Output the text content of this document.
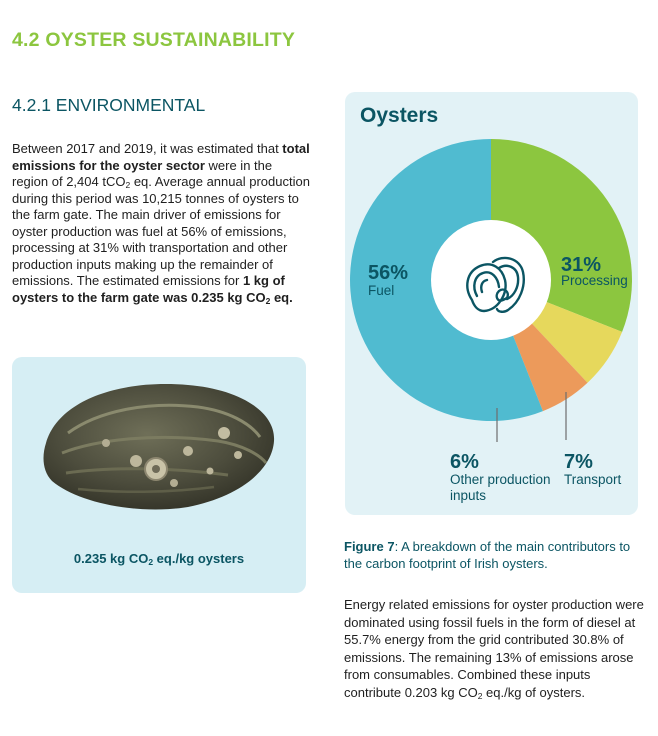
4.2 OYSTER SUSTAINABILITY
4.2.1 ENVIRONMENTAL

Between 2017 and 2019, it was estimated that total emissions for the oyster sector were in the region of 2,404 tCO$_2$ eq. Average annual production during this period was 10,215 tonnes of oysters to the farm gate. The main driver of emissions for oyster production was fuel at 56% of emissions, processing at 31% with transportation and other production inputs making up the remainder of emissions. The estimated emissions for 1 kg of oysters to the farm gate was 0.235 kg $CO_2$ eq.

0.235 kg $CO_2$ eq./kg oysters
Oysters
31%
Processing
56%
Fuel
6%
Other production
inputs
7%
Transport

Figure 7: A breakdown of the main contributors to the carbon footprint of Irish oysters.

Energy related emissions for oyster production were dominated using fossil fuels in the form of diesel at 55.7% energy from the grid contributed 30.8% of emissions. The remaining 13% of emissions arose from consumables. Combined these inputs contribute 0.203 kg $CO_2$ eq./kg of oysters.
